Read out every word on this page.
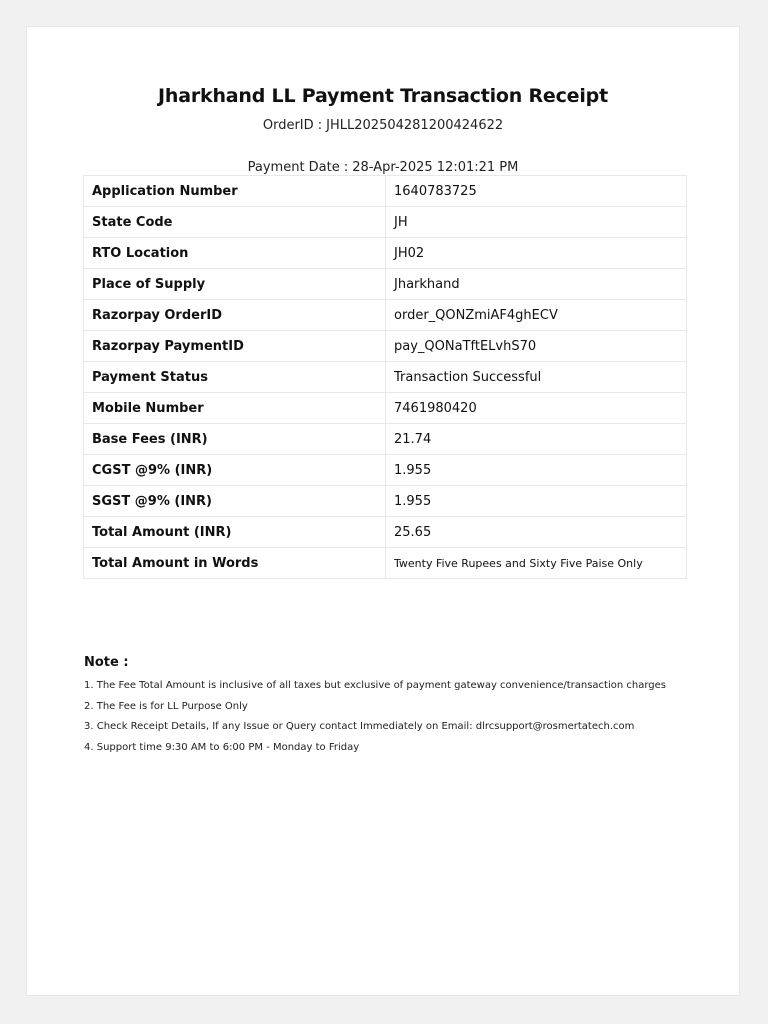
Jharkhand LL Payment Transaction Receipt
OrderID : JHLL202504281200424622
Payment Date : 28-Apr-2025 12:01:21 PM
Application Number	1640783725
State Code	JH
RTO Location	JH02
Place of Supply	Jharkhand
Razorpay OrderID	order_QONZmiAF4ghECV
Razorpay PaymentID	pay_QONaTftELvhS70
Payment Status	Transaction Successful
Mobile Number	7461980420
Base Fees (INR)	21.74
CGST @9% (INR)	1.955
SGST @9% (INR)	1.955
Total Amount (INR)	25.65
Total Amount in Words	Twenty Five Rupees and Sixty Five Paise Only
Note :
1. The Fee Total Amount is inclusive of all taxes but exclusive of payment gateway convenience/transaction charges
2. The Fee is for LL Purpose Only
3. Check Receipt Details, If any Issue or Query contact Immediately on Email: dlrcsupport@rosmertatech.com
4. Support time 9:30 AM to 6:00 PM - Monday to Friday
